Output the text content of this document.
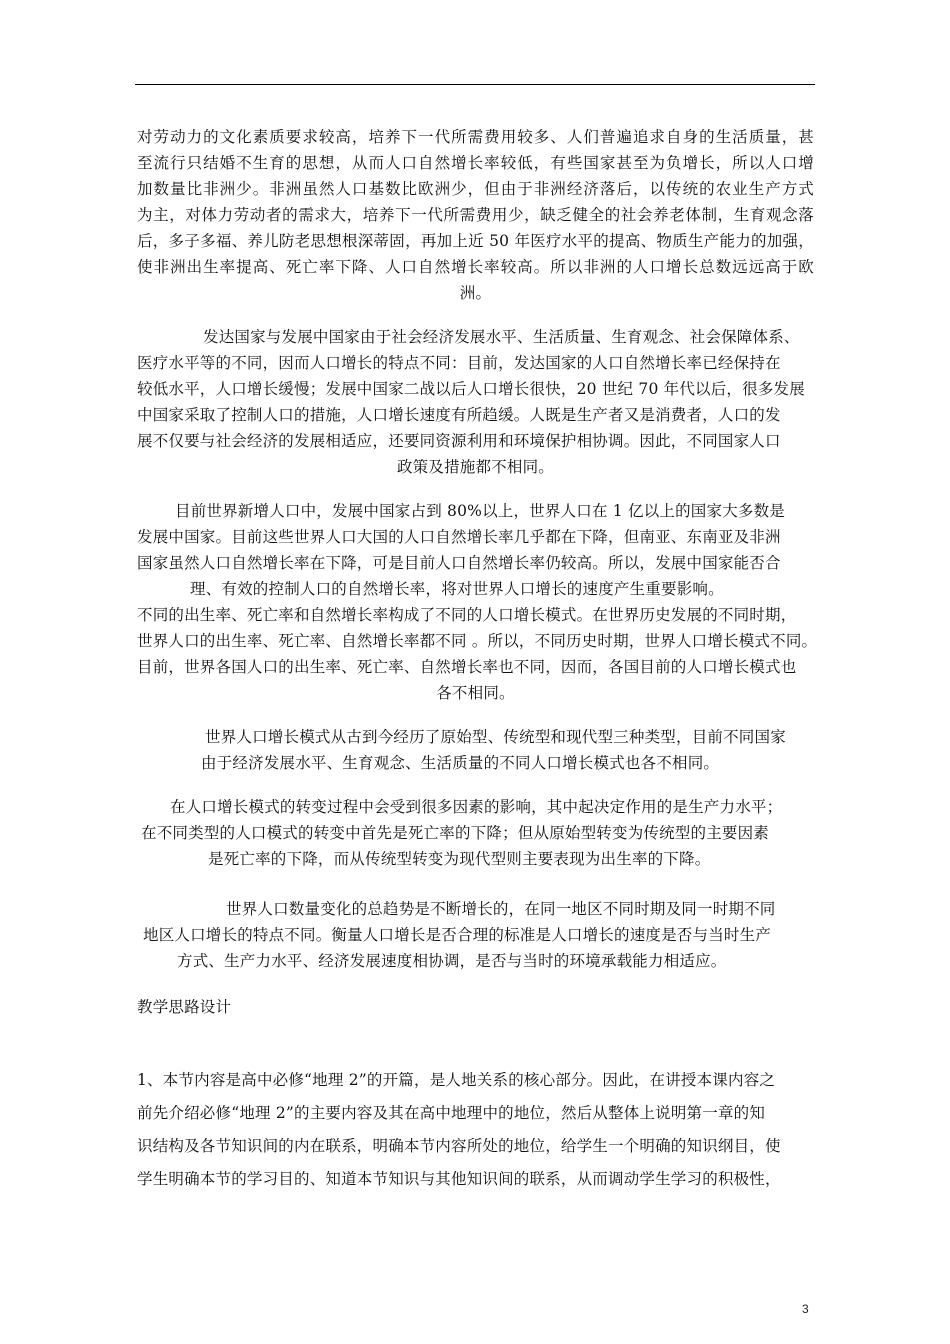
对劳动力的文化素质要求较高，培养下一代所需费用较多、人们普遍追求自身的生活质量，甚
至流行只结婚不生育的思想，从而人口自然增长率较低，有些国家甚至为负增长，所以人口增
加数量比非洲少。非洲虽然人口基数比欧洲少，但由于非洲经济落后，以传统的农业生产方式
为主，对体力劳动者的需求大，培养下一代所需费用少，缺乏健全的社会养老体制，生育观念落
后，多子多福、养儿防老思想根深蒂固，再加上近 50 年医疗水平的提高、物质生产能力的加强，
使非洲出生率提高、死亡率下降、人口自然增长率较高。所以非洲的人口增长总数远远高于欧
洲。
发达国家与发展中国家由于社会经济发展水平、生活质量、生育观念、社会保障体系、
医疗水平等的不同，因而人口增长的特点不同：目前，发达国家的人口自然增长率已经保持在
较低水平，人口增长缓慢；发展中国家二战以后人口增长很快，20 世纪 70 年代以后，很多发展
中国家采取了控制人口的措施，人口增长速度有所趋缓。人既是生产者又是消费者，人口的发
展不仅要与社会经济的发展相适应，还要同资源利用和环境保护相协调。因此，不同国家人口
政策及措施都不相同。
目前世界新增人口中，发展中国家占到 80%以上，世界人口在 1 亿以上的国家大多数是
发展中国家。目前这些世界人口大国的人口自然增长率几乎都在下降，但南亚、东南亚及非洲
国家虽然人口自然增长率在下降，可是目前人口自然增长率仍较高。所以，发展中国家能否合
理、有效的控制人口的自然增长率，将对世界人口增长的速度产生重要影响。
不同的出生率、死亡率和自然增长率构成了不同的人口增长模式。在世界历史发展的不同时期，
世界人口的出生率、死亡率、自然增长率都不同 。所以，不同历史时期，世界人口增长模式不同。
目前，世界各国人口的出生率、死亡率、自然增长率也不同，因而，各国目前的人口增长模式也
各不相同。
世界人口增长模式从古到今经历了原始型、传统型和现代型三种类型，目前不同国家
由于经济发展水平、生育观念、生活质量的不同人口增长模式也各不相同。
在人口增长模式的转变过程中会受到很多因素的影响，其中起决定作用的是生产力水平；
在不同类型的人口模式的转变中首先是死亡率的下降；但从原始型转变为传统型的主要因素
是死亡率的下降，而从传统型转变为现代型则主要表现为出生率的下降。
世界人口数量变化的总趋势是不断增长的，在同一地区不同时期及同一时期不同
地区人口增长的特点不同。衡量人口增长是否合理的标准是人口增长的速度是否与当时生产
方式、生产力水平、经济发展速度相协调，是否与当时的环境承载能力相适应。
教学思路设计
1、本节内容是高中必修“地理 2”的开篇，是人地关系的核心部分。因此，在讲授本课内容之
前先介绍必修“地理 2”的主要内容及其在高中地理中的地位，然后从整体上说明第一章的知
识结构及各节知识间的内在联系，明确本节内容所处的地位，给学生一个明确的知识纲目，使
学生明确本节的学习目的、知道本节知识与其他知识间的联系，从而调动学生学习的积极性，
3
